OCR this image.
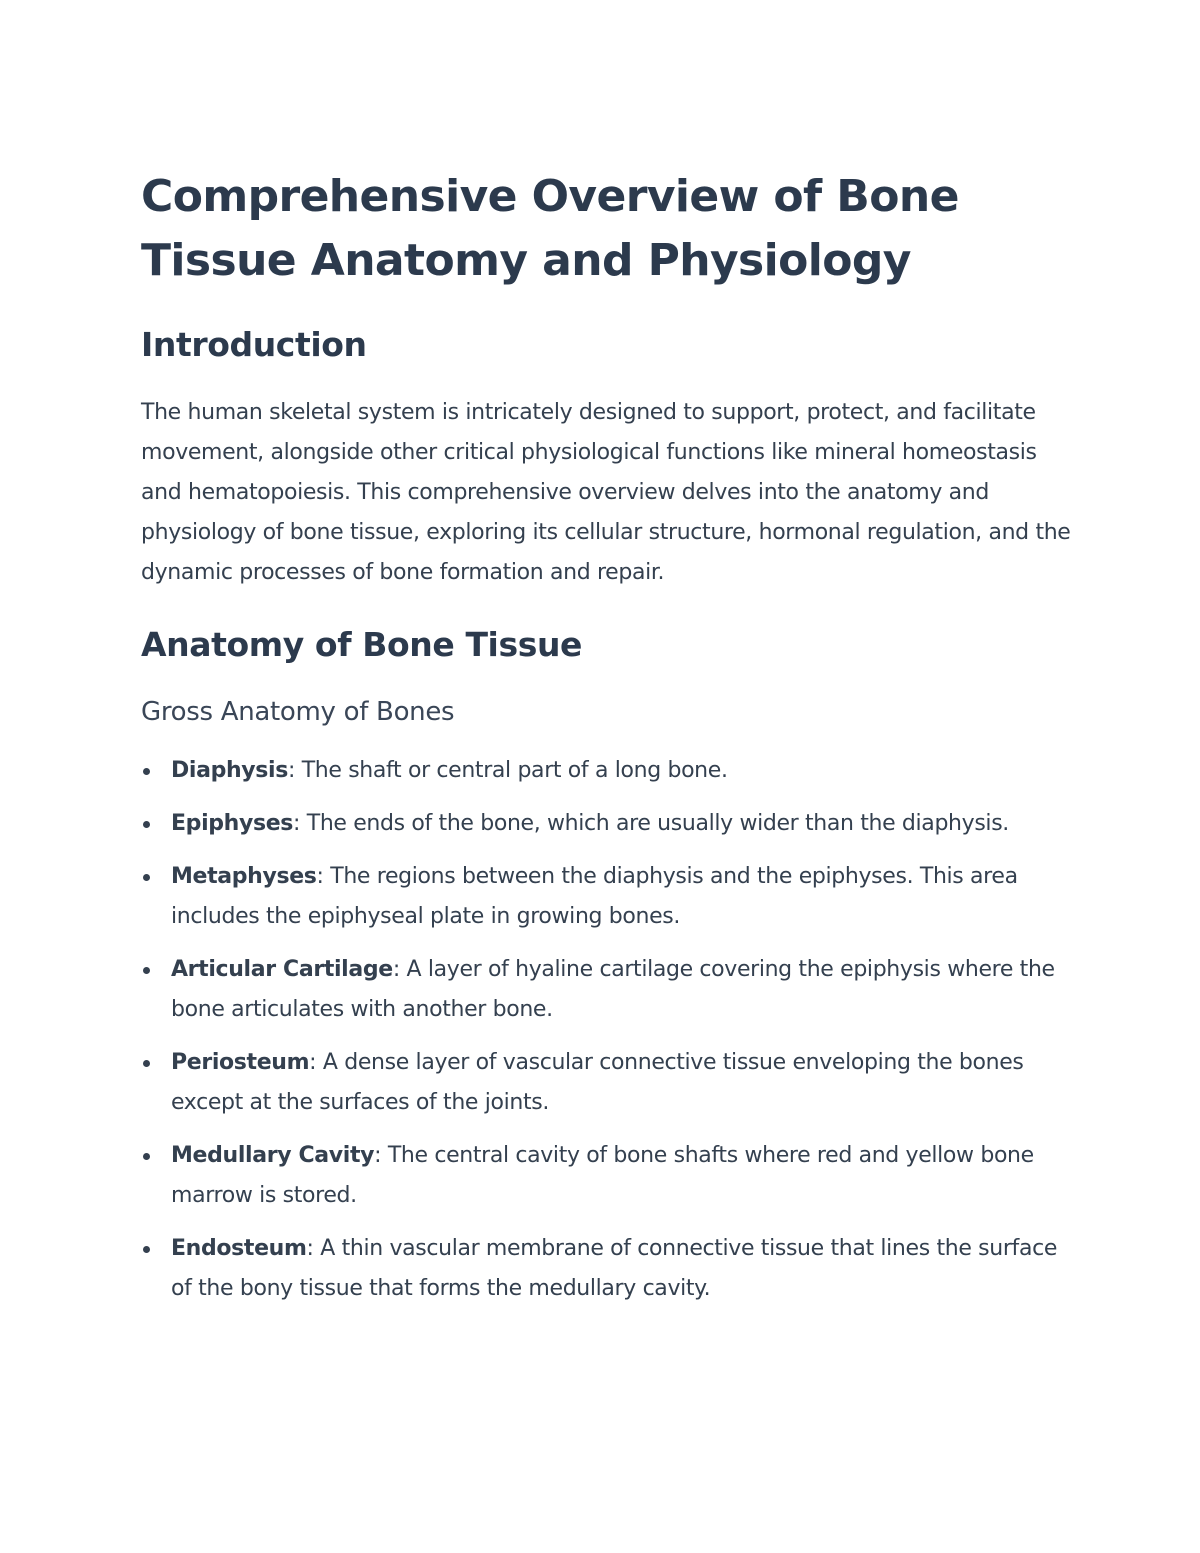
Comprehensive Overview of Bone Tissue Anatomy and Physiology
Introduction

The human skeletal system is intricately designed to support, protect, and facilitate movement, alongside other critical physiological functions like mineral homeostasis and hematopoiesis. This comprehensive overview delves into the anatomy and physiology of bone tissue, exploring its cellular structure, hormonal regulation, and the dynamic processes of bone formation and repair.

Anatomy of Bone Tissue
Gross Anatomy of Bones
Diaphysis: The shaft or central part of a long bone.
Epiphyses: The ends of the bone, which are usually wider than the diaphysis.
Metaphyses: The regions between the diaphysis and the epiphyses. This area includes the epiphyseal plate in growing bones.
Articular Cartilage: A layer of hyaline cartilage covering the epiphysis where the bone articulates with another bone.
Periosteum: A dense layer of vascular connective tissue enveloping the bones except at the surfaces of the joints.
Medullary Cavity: The central cavity of bone shafts where red and yellow bone marrow is stored.
Endosteum: A thin vascular membrane of connective tissue that lines the surface of the bony tissue that forms the medullary cavity.
